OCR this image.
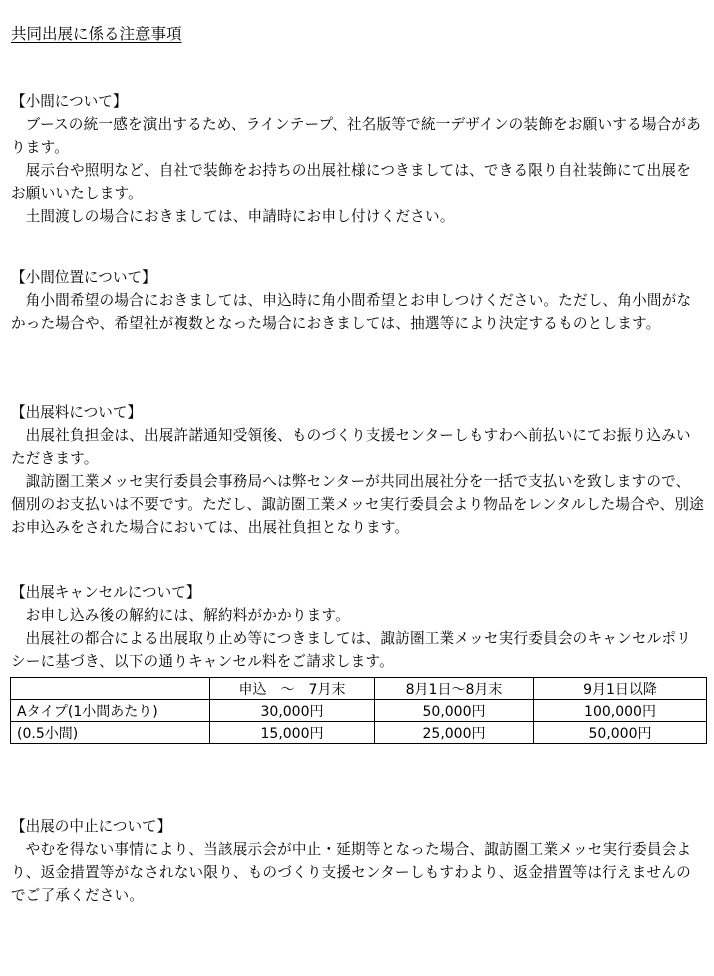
共同出展に係る注意事項
【小間について】

ブースの統一感を演出するため、ラインテープ、社名版等で統一デザインの装飾をお願いする場合があります。

展示台や照明など、自社で装飾をお持ちの出展社様につきましては、できる限り自社装飾にて出展をお願いいたします。

土間渡しの場合におきましては、申請時にお申し付けください。

【小間位置について】

角小間希望の場合におきましては、申込時に角小間希望とお申しつけください。ただし、角小間がなかった場合や、希望社が複数となった場合におきましては、抽選等により決定するものとします。

【出展料について】

出展社負担金は、出展許諾通知受領後、ものづくり支援センターしもすわへ前払いにてお振り込みいただきます。

諏訪圏工業メッセ実行委員会事務局へは弊センターが共同出展社分を一括で支払いを致しますので、個別のお支払いは不要です。ただし、諏訪圏工業メッセ実行委員会より物品をレンタルした場合や、別途お申込みをされた場合においては、出展社負担となります。

【出展キャンセルについて】

お申し込み後の解約には、解約料がかかります。

出展社の都合による出展取り止め等につきましては、諏訪圏工業メッセ実行委員会のキャンセルポリシーに基づき、以下の通りキャンセル料をご請求します。

	申込　～　7月末	8月1日～8月末	9月1日以降
Aタイプ(1小間あたり)	30,000円	50,000円	100,000円
(0.5小間)	15,000円	25,000円	50,000円
【出展の中止について】

やむを得ない事情により、当該展示会が中止・延期等となった場合、諏訪圏工業メッセ実行委員会より、返金措置等がなされない限り、ものづくり支援センターしもすわより、返金措置等は行えませんのでご了承ください。
